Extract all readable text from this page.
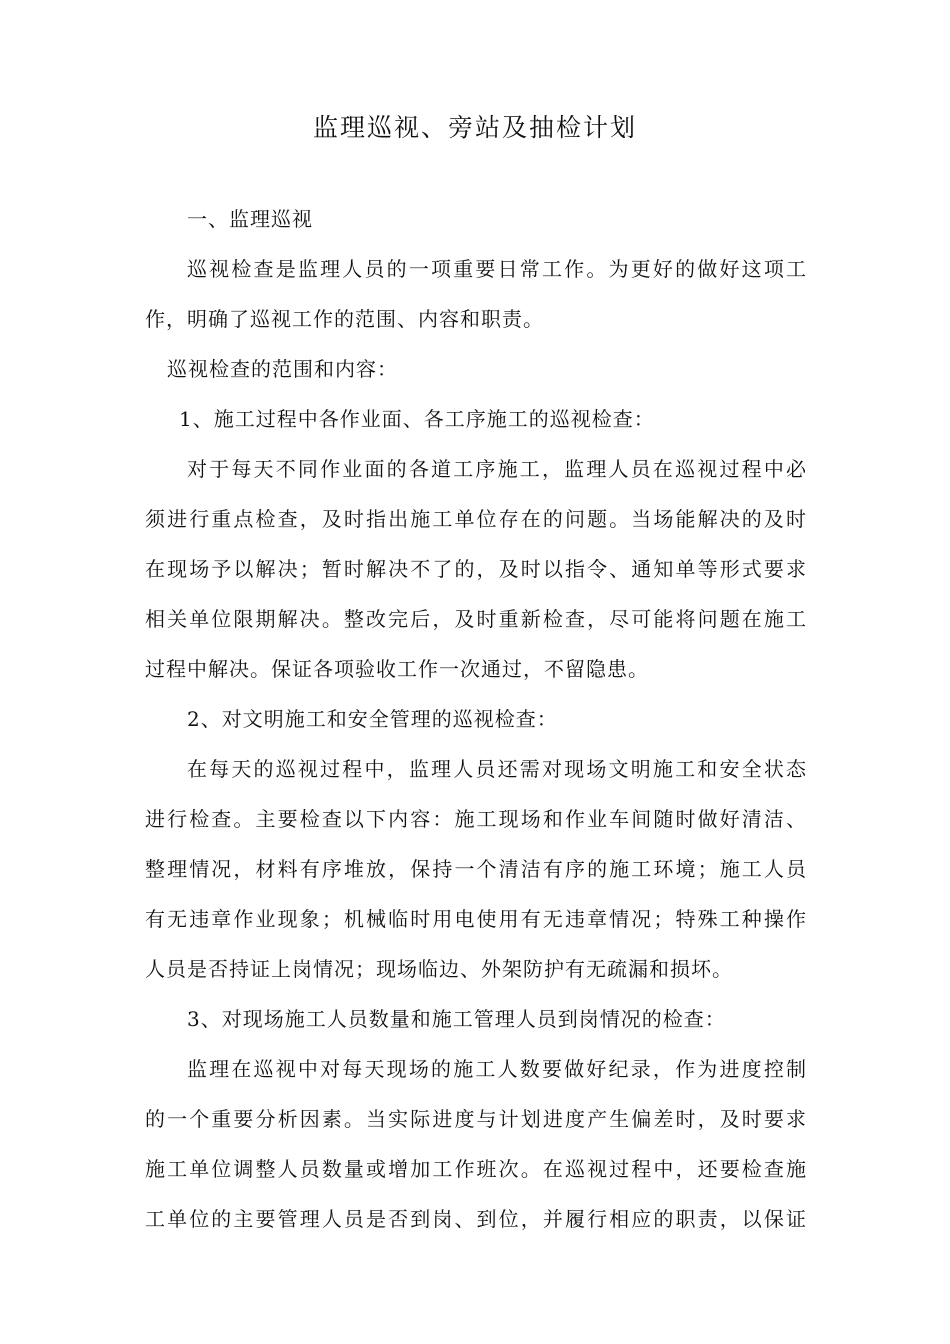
监理巡视、旁站及抽检计划
一、监理巡视
巡视检查是监理人员的一项重要日常工作。为更好的做好这项工
作，明确了巡视工作的范围、内容和职责。
巡视检查的范围和内容：
1、施工过程中各作业面、各工序施工的巡视检查：
对于每天不同作业面的各道工序施工，监理人员在巡视过程中必
须进行重点检查，及时指出施工单位存在的问题。当场能解决的及时
在现场予以解决；暂时解决不了的，及时以指令、通知单等形式要求
相关单位限期解决。整改完后，及时重新检查，尽可能将问题在施工
过程中解决。保证各项验收工作一次通过，不留隐患。
2、对文明施工和安全管理的巡视检查：
在每天的巡视过程中，监理人员还需对现场文明施工和安全状态
进行检查。主要检查以下内容：施工现场和作业车间随时做好清洁、
整理情况，材料有序堆放，保持一个清洁有序的施工环境；施工人员
有无违章作业现象；机械临时用电使用有无违章情况；特殊工种操作
人员是否持证上岗情况；现场临边、外架防护有无疏漏和损坏。
3、对现场施工人员数量和施工管理人员到岗情况的检查：
监理在巡视中对每天现场的施工人数要做好纪录，作为进度控制
的一个重要分析因素。当实际进度与计划进度产生偏差时，及时要求
施工单位调整人员数量或增加工作班次。在巡视过程中，还要检查施
工单位的主要管理人员是否到岗、到位，并履行相应的职责，以保证
